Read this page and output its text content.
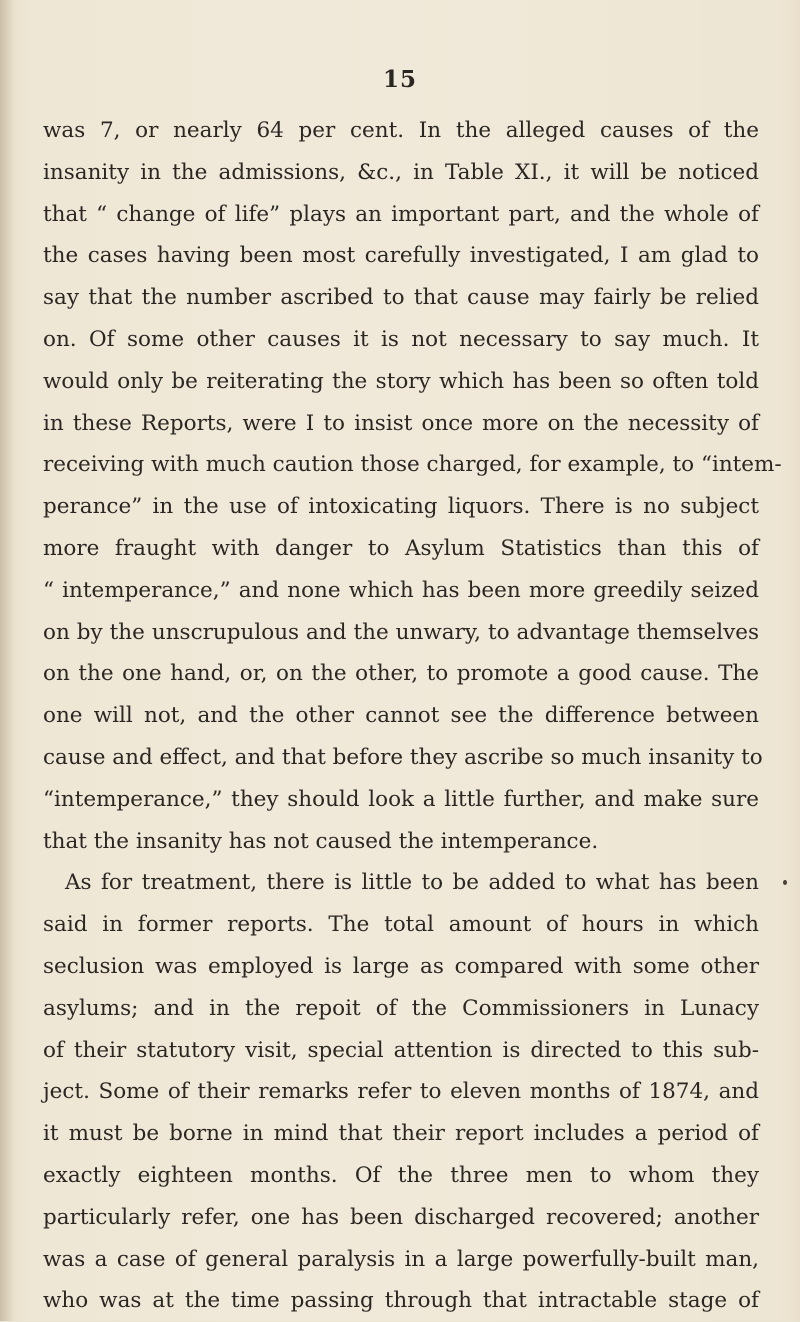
15
was 7, or nearly 64 per cent. In the alleged causes of the
insanity in the admissions, &c., in Table XI., it will be noticed
that “ change of life” plays an important part, and the whole of
the cases having been most carefully investigated, I am glad to
say that the number ascribed to that cause may fairly be relied
on. Of some other causes it is not necessary to say much. It
would only be reiterating the story which has been so often told
in these Reports, were I to insist once more on the necessity of
receiving with much caution those charged, for example, to “intem-
perance” in the use of intoxicating liquors. There is no subject
more fraught with danger to Asylum Statistics than this of
“ intemperance,” and none which has been more greedily seized
on by the unscrupulous and the unwary, to advantage themselves
on the one hand, or, on the other, to promote a good cause. The
one will not, and the other cannot see the difference between
cause and effect, and that before they ascribe so much insanity to
“intemperance,” they should look a little further, and make sure
that the insanity has not caused the intemperance.
As for treatment, there is little to be added to what has been
said in former reports. The total amount of hours in which
seclusion was employed is large as compared with some other
asylums; and in the repoit of the Commissioners in Lunacy
of their statutory visit, special attention is directed to this sub-
ject. Some of their remarks refer to eleven months of 1874, and
it must be borne in mind that their report includes a period of
exactly eighteen months. Of the three men to whom they
particularly refer, one has been discharged recovered; another
was a case of general paralysis in a large powerfully-built man,
who was at the time passing through that intractable stage of
